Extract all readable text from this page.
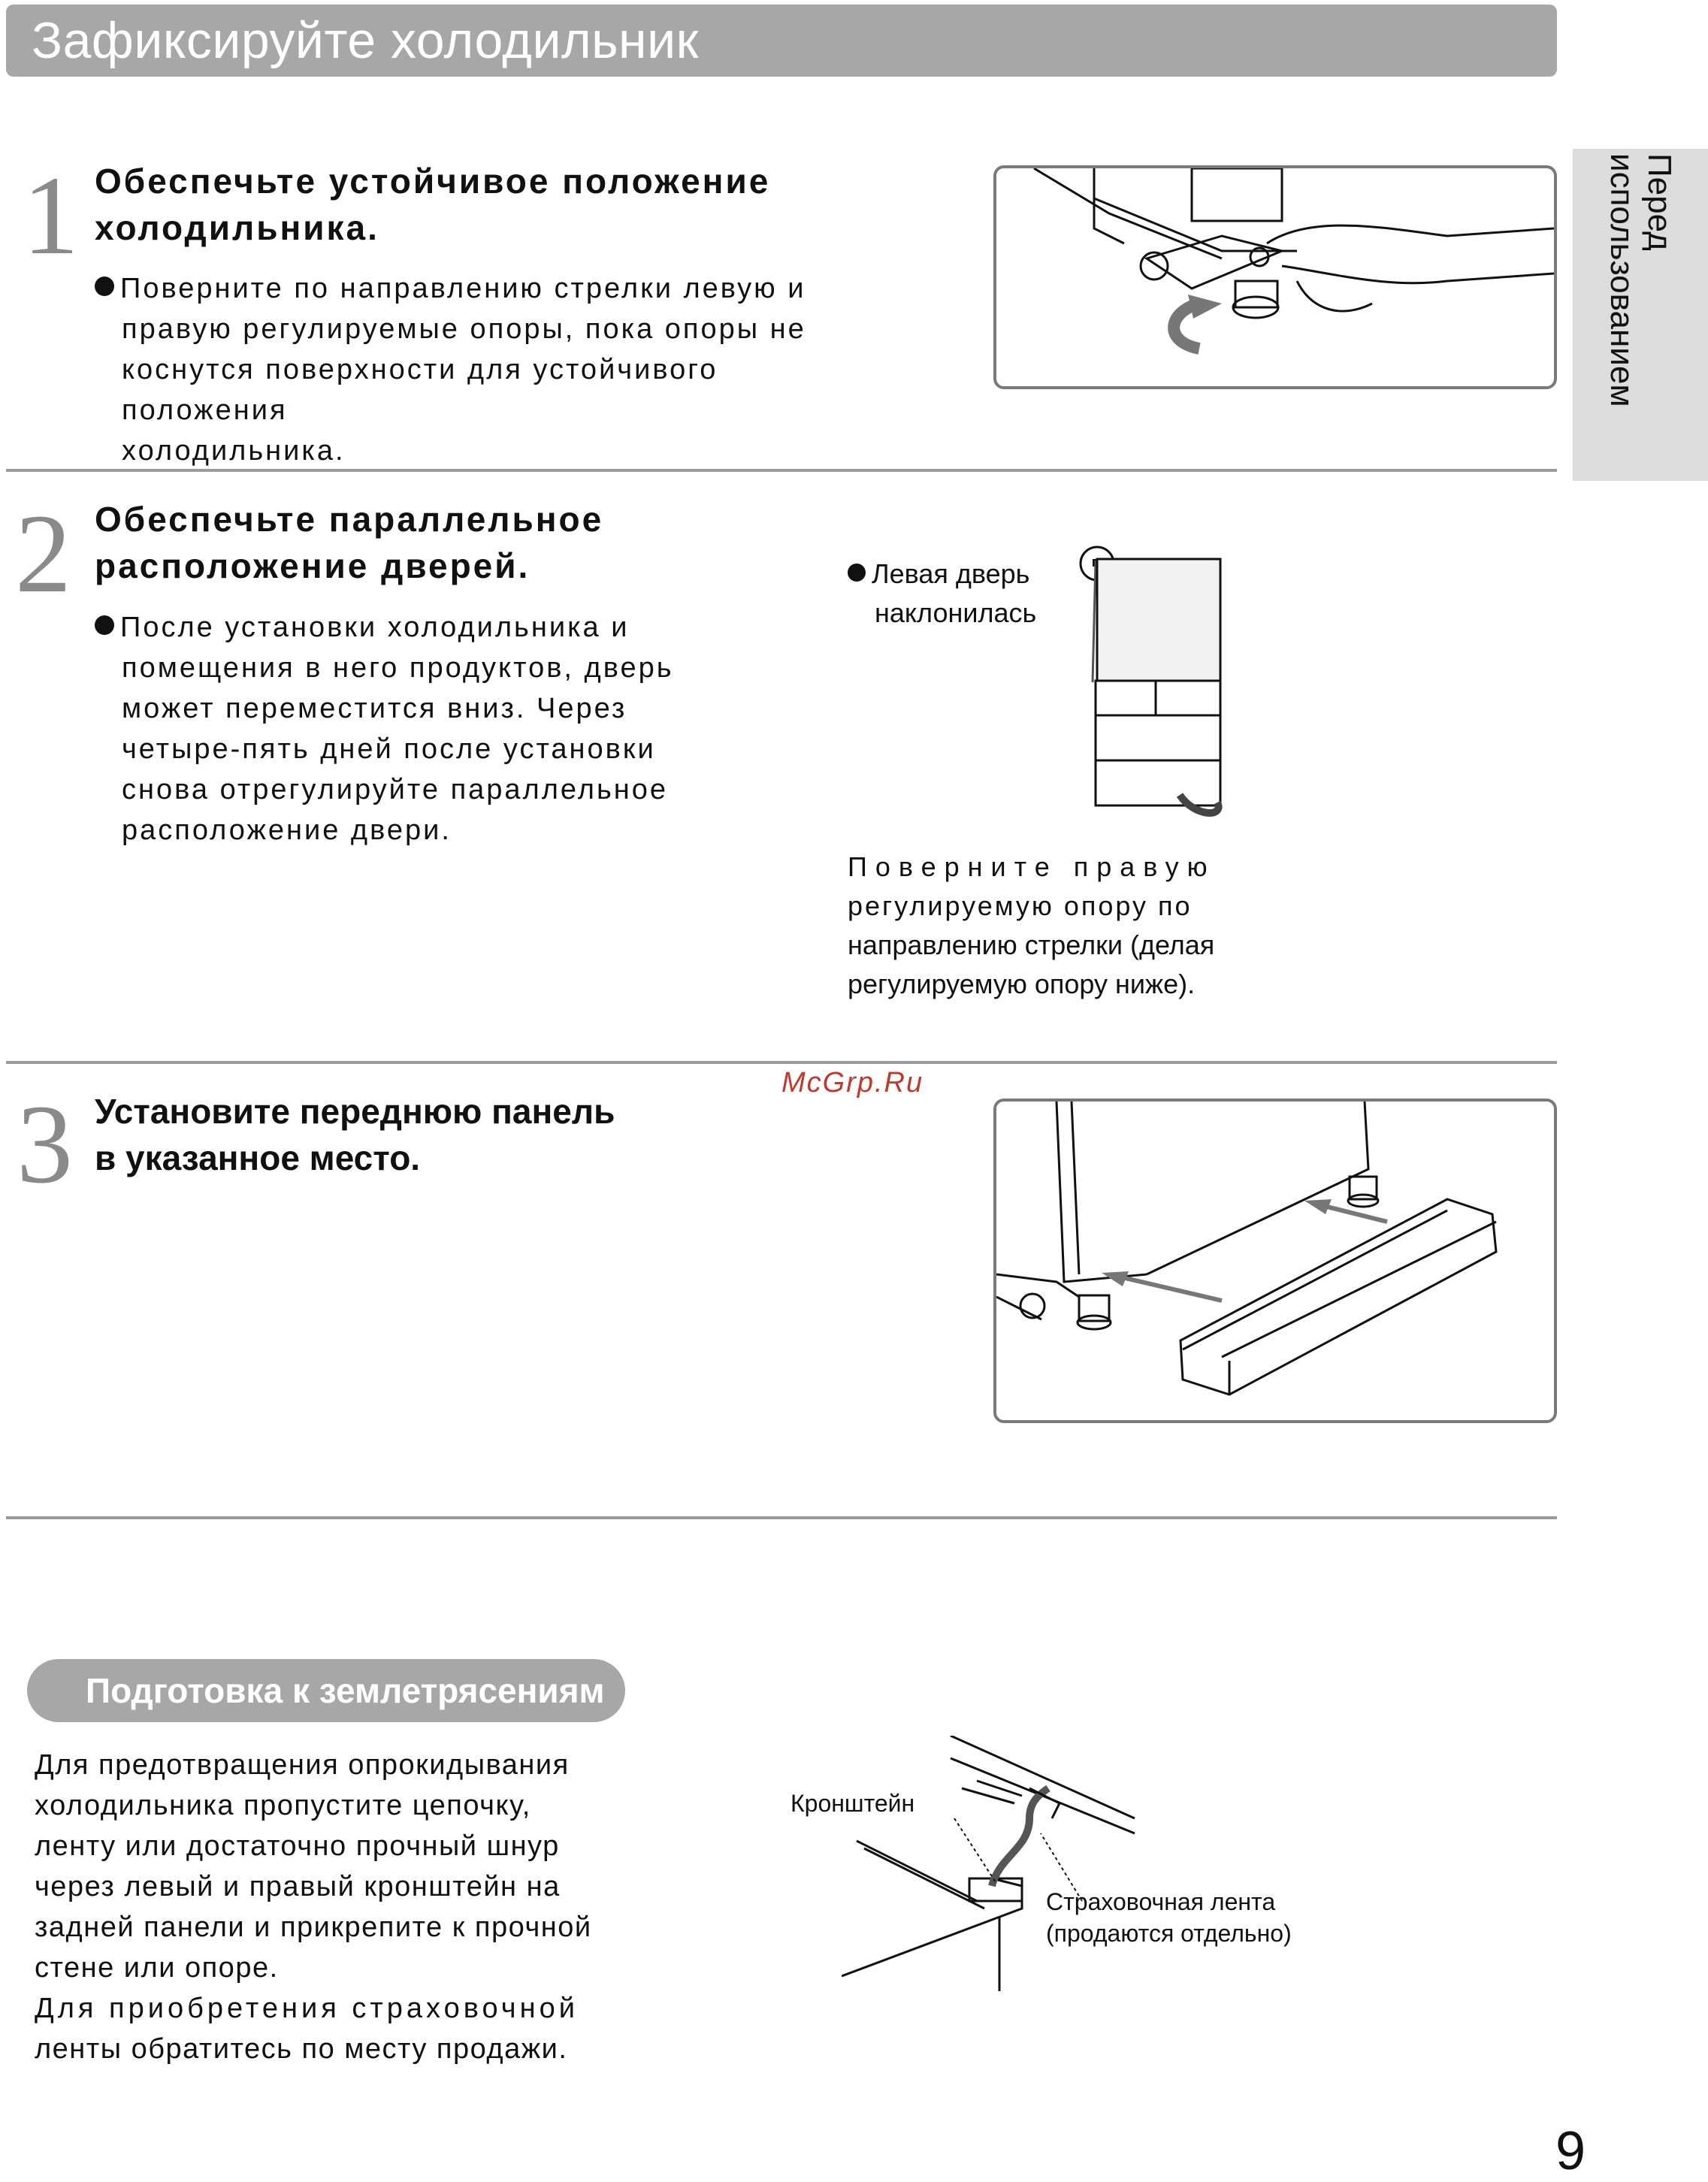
Зафиксируйте холодильник
Перед использованием
1 Обеспечьте устойчивое положение
холодильника.
Поверните по направлению стрелки левую и
правую регулируемые опоры, пока опоры не
коснутся поверхности для устойчивого положения
холодильника.
2 Обеспечьте параллельное
расположение дверей.
После установки холодильника и
помещения в него продуктов, дверь
может переместится вниз. Через
четыре-пять дней после установки
снова отрегулируйте параллельное
расположение двери.
Левая дверь
наклонилась
Поверните правую
регулируемую опору по
направлению стрелки (делая
регулируемую опору ниже).
McGrp.Ru
3 Установите переднюю панель
в указанное место.
Подготовка к землетрясениям
Для предотвращения опрокидывания
холодильника пропустите цепочку,
ленту или достаточно прочный шнур
через левый и правый кронштейн на
задней панели и прикрепите к прочной
стене или опоре.
Для приобретения страховочной
ленты обратитесь по месту продажи.
Кронштейн
Страховочная лента
(продаются отдельно)
9
